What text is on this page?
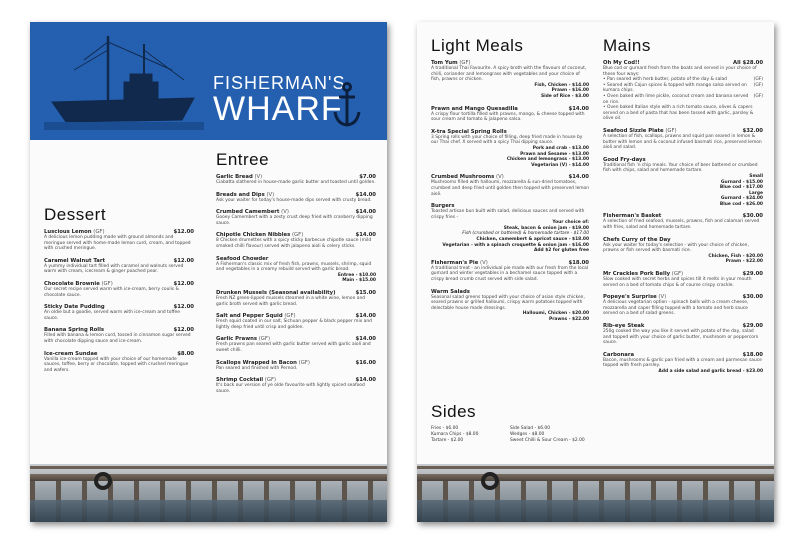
FISHERMAN'S
WHARF
Entree
Garlic Bread (V)	$7.00
Ciabatta slathered in house-made garlic butter and toasted until golden.
Breads and Dips (V)	$14.00
Ask your waiter for today's house-made dips served with crusty bread.
Crumbed Camembert (V)	$14.00
Gooey Camembert with a zesty crust deep fried with cranberry dipping sauce.
Chipotle Chicken Nibbles (GF)	$14.00
8 Chicken drumettes with a spicy sticky barbecue chipotle sauce (mild smoked chilli flavour) served with jalapeno aioli & celery sticks.
Seafood Chowder
A Fisherman's classic mix of fresh fish, prawns, mussels, shrimp, squid and vegetables in a creamy rebuild served with garlic bread.
Entree - $10.00
Main - $15.00
Drunken Mussels (Seasonal availability)	$15.00
Fresh NZ green-lipped mussels steamed in a white wine, lemon and garlic broth served with garlic bread.
Salt and Pepper Squid (GF)	$14.00
Fresh squid coated in our salt, Sichuan pepper & black pepper mix and lightly deep fried until crisp and golden.
Garlic Prawns (GF)	$14.00
Fresh prawns pan seared with garlic butter served with garlic aioli and sweet chilli.
Scallops Wrapped in Bacon (GF)	$16.00
Pan seared and finished with Pernod.
Shrimp Cocktail (GF)	$14.00
It's back our version of ye olde favourite with lightly spiced seafood sauce.
Dessert
Luscious Lemon (GF)	$12.00
A delicious lemon pudding made with ground almonds and meringue served with home-made lemon curd, cream, and topped with crushed meringue.
Caramel Walnut Tart	$12.00
A yummy individual tart filled with caramel and walnuts served warm with cream, icecream & ginger poached pear.
Chocolate Brownie (GF)	$12.00
Our secret recipe served warm with ice-cream, berry coulis & chocolate sauce.
Sticky Date Pudding	$12.00
An oldie but a goodie, served warm with ice-cream and toffee sauce.
Banana Spring Rolls	$12.00
Filled with banana & lemon curd, tossed in cinnamon sugar served with chocolate dipping sauce and ice-cream.
Ice-cream Sundae	$8.00
Vanilla ice-cream topped with your choice of our homemade sauces, toffee, berry or chocolate, topped with crushed meringue and wafers.
Light Meals
Tom Yum (GF)
A traditional Thai Favourite. A spicy broth with the flavours of coconut, chilli, coriander and lemongrass with vegetables and your choice of fish, prawns or chicken.
Fish, Chicken - $14.00
Prawn - $16.00
Side of Rice - $3.00
Prawn and Mango Quesadilla	$14.00
A crispy flour tortilla filled with prawns, mango, & cheese topped with sour cream and tomato & jalapeno salsa.
X-tra Special Spring Rolls
3 Spring rolls with your choice of filling, deep fried made in house by our Thai chef. X served with a spicy Thai dipping sauce.
Pork and crab - $13.00
Prawn and Sesame - $13.00
Chicken and lemongrass - $13.00
Vegetarian (V) - $14.00
Crumbed Mushrooms (V)	$14.00
Mushrooms filled with halloumi, mozzarella & sun-dried tomatoes, crumbed and deep fried until golden then topped with preserved lemon aioli.
Burgers
Toasted artisan bun built with salad, delicious sauces and served with crispy fries -
Your choice of:
Steak, bacon & onion jam - $19.00
Fish (crumbed or battered) & homemade tartare - $17.00
Chicken, camembert & apricot sauce - $18.00
Vegetarian - with a spinach croquette & onion jam - $16.00
Add $2 for gluten free
Fisherman's Pie (V)	$18.00
A traditional treat - an individual pie made with our fresh from the local gurnard and winter vegetables in a bechamel sauce topped with a crispy bread crumb crust served with side salad.
Warm Salads
Seasonal salad greens topped with your choice of asian style chicken, seared prawns or grilled halloumi, crispy warm potatoes topped with delectable house made dressings.
Halloumi, Chicken - $20.00
Prawns - $22.00
Sides
Fries - $6.00	Side Salad - $6.00
Kumara Chips - $8.00	Wedges - $8.00
Tartare - $2.00	Sweet Chilli & Sour Cream - $2.00
Mains
Oh My Cod!!	All $28.00
Blue cod or gurnard fresh from the boats and served in your choice of these four ways:
• Pan seared with herb butter, potato of the day & salad	(GF)
• Seared with Cajun spices & topped with mango salsa served on kumara chips.
(GF)
• Oven baked with lime pickle, coconut cream and banana served on rice.
(GF)
• Oven baked Italian style with a rich tomato sauce, olives & capers served on a bed of pasta that has been tossed with garlic, parsley & olive oil.
Seafood Sizzle Plate (GF)	$32.00
A selection of fish, scallops, prawns and squid pan seared in lemon & butter with lemon and & coconut infused basmati rice, preserved lemon aioli and salad.
Good Fry-days
Traditional fish 'n chip meals. Your choice of beer battered or crumbed fish with chips, salad and homemade tartare.
Small
Gurnard - $15.00
Blue cod - $17.00
Large
Gurnard - $24.00
Blue cod - $26.00
Fisherman's Basket	$30.00
A selection of fried seafood, mussels, prawns, fish and calamari served with fries, salad and homemade tartare.
Chefs Curry of the Day
Ask your waiter for today's selection - with your choice of chicken, prawns or fish served with basmati rice.
Chicken, Fish - $20.00
Prawn - $22.00
Mr Crackles Pork Belly (GF)	$29.00
Slow cooked with secret herbs and spices till it melts in your mouth served on a bed of tomato chips & of course crispy crackle.
Popeye's Surprise (V)	$30.00
A delicious vegetarian option - spinach balls with a cream cheese, mozzarella and caper filling topped with a tomato and herb sauce served on a bed of salad greens.
Rib-eye Steak	$29.00
250g cooked the way you like it served with potato of the day, salad and topped with your choice of garlic butter, mushroom or peppercorn sauce.
Carbonara	$18.00
Bacon, mushrooms & garlic pan fried with a cream and parmesan sauce topped with fresh parsley.
Add a side salad and garlic bread - $23.00
